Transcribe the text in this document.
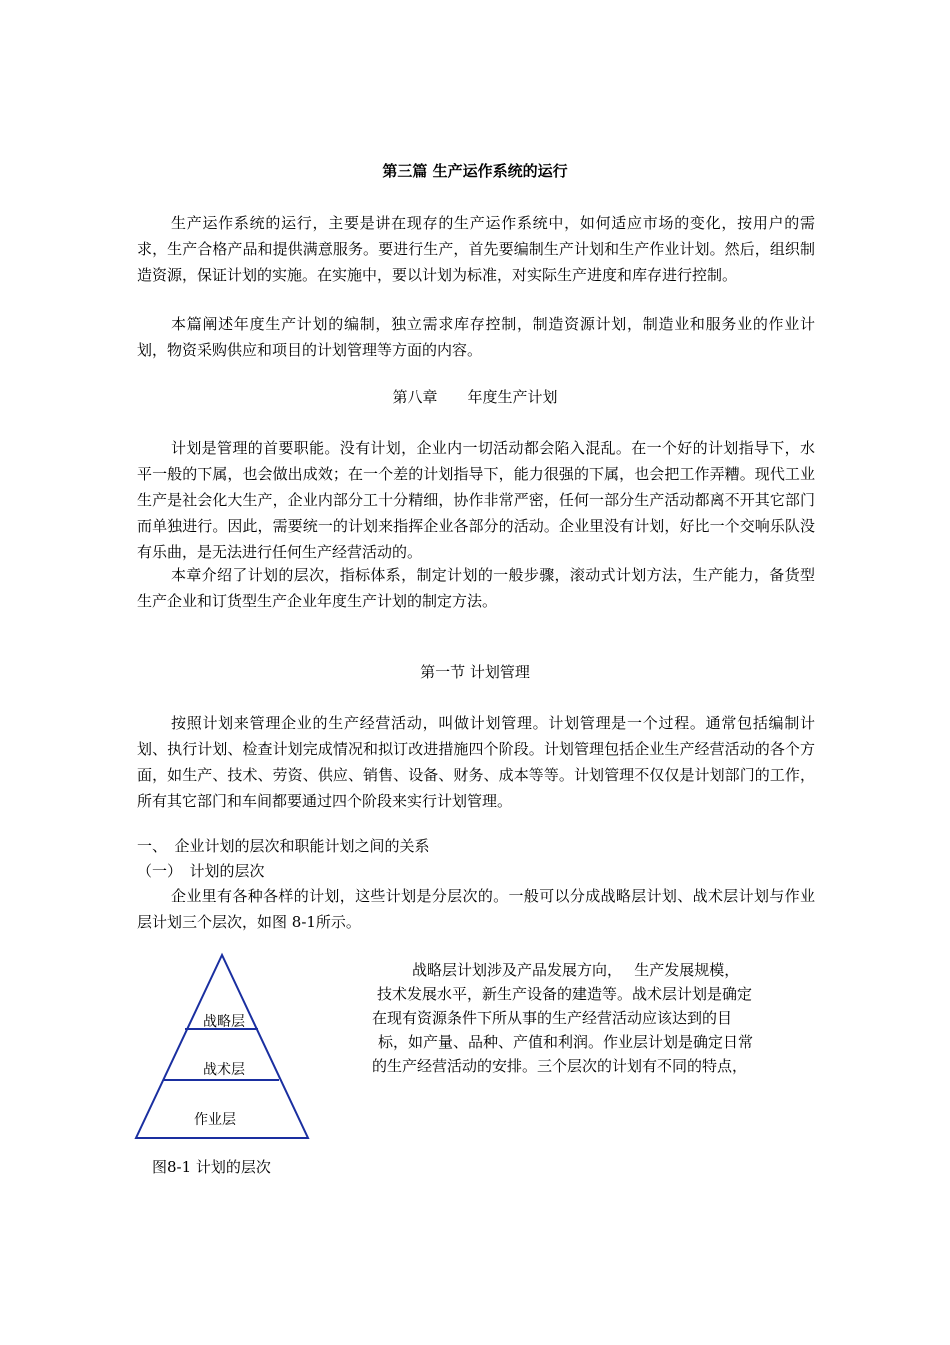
第三篇 生产运作系统的运行
生产运作系统的运行，主要是讲在现存的生产运作系统中，如何适应市场的变化，按用户的需求，生产合格产品和提供满意服务。要进行生产，首先要编制生产计划和生产作业计划。然后，组织制造资源，保证计划的实施。在实施中，要以计划为标准，对实际生产进度和库存进行控制。
本篇阐述年度生产计划的编制，独立需求库存控制，制造资源计划，制造业和服务业的作业计划，物资采购供应和项目的计划管理等方面的内容。
第八章　　年度生产计划
计划是管理的首要职能。没有计划，企业内一切活动都会陷入混乱。在一个好的计划指导下，水平一般的下属，也会做出成效；在一个差的计划指导下，能力很强的下属，也会把工作弄糟。现代工业生产是社会化大生产，企业内部分工十分精细，协作非常严密，任何一部分生产活动都离不开其它部门而单独进行。因此，需要统一的计划来指挥企业各部分的活动。企业里没有计划，好比一个交响乐队没有乐曲，是无法进行任何生产经营活动的。
本章介绍了计划的层次，指标体系，制定计划的一般步骤，滚动式计划方法，生产能力，备货型生产企业和订货型生产企业年度生产计划的制定方法。
第一节 计划管理
按照计划来管理企业的生产经营活动，叫做计划管理。计划管理是一个过程。通常包括编制计划、执行计划、检查计划完成情况和拟订改进措施四个阶段。计划管理包括企业生产经营活动的各个方面，如生产、技术、劳资、供应、销售、设备、财务、成本等等。计划管理不仅仅是计划部门的工作，所有其它部门和车间都要通过四个阶段来实行计划管理。
一、　企业计划的层次和职能计划之间的关系
（一）　计划的层次
企业里有各种各样的计划，这些计划是分层次的。一般可以分成战略层计划、战术层计划与作业层计划三个层次，如图 8-1所示。
战略层计划涉及产品发展方向，　 生产发展规模，
技术发展水平，新生产设备的建造等。战术层计划是确定
在现有资源条件下所从事的生产经营活动应该达到的目
标，如产量、品种、产值和利润。作业层计划是确定日常
的生产经营活动的安排。三个层次的计划有不同的特点，
战略层
战术层
作业层
图8-1 计划的层次
